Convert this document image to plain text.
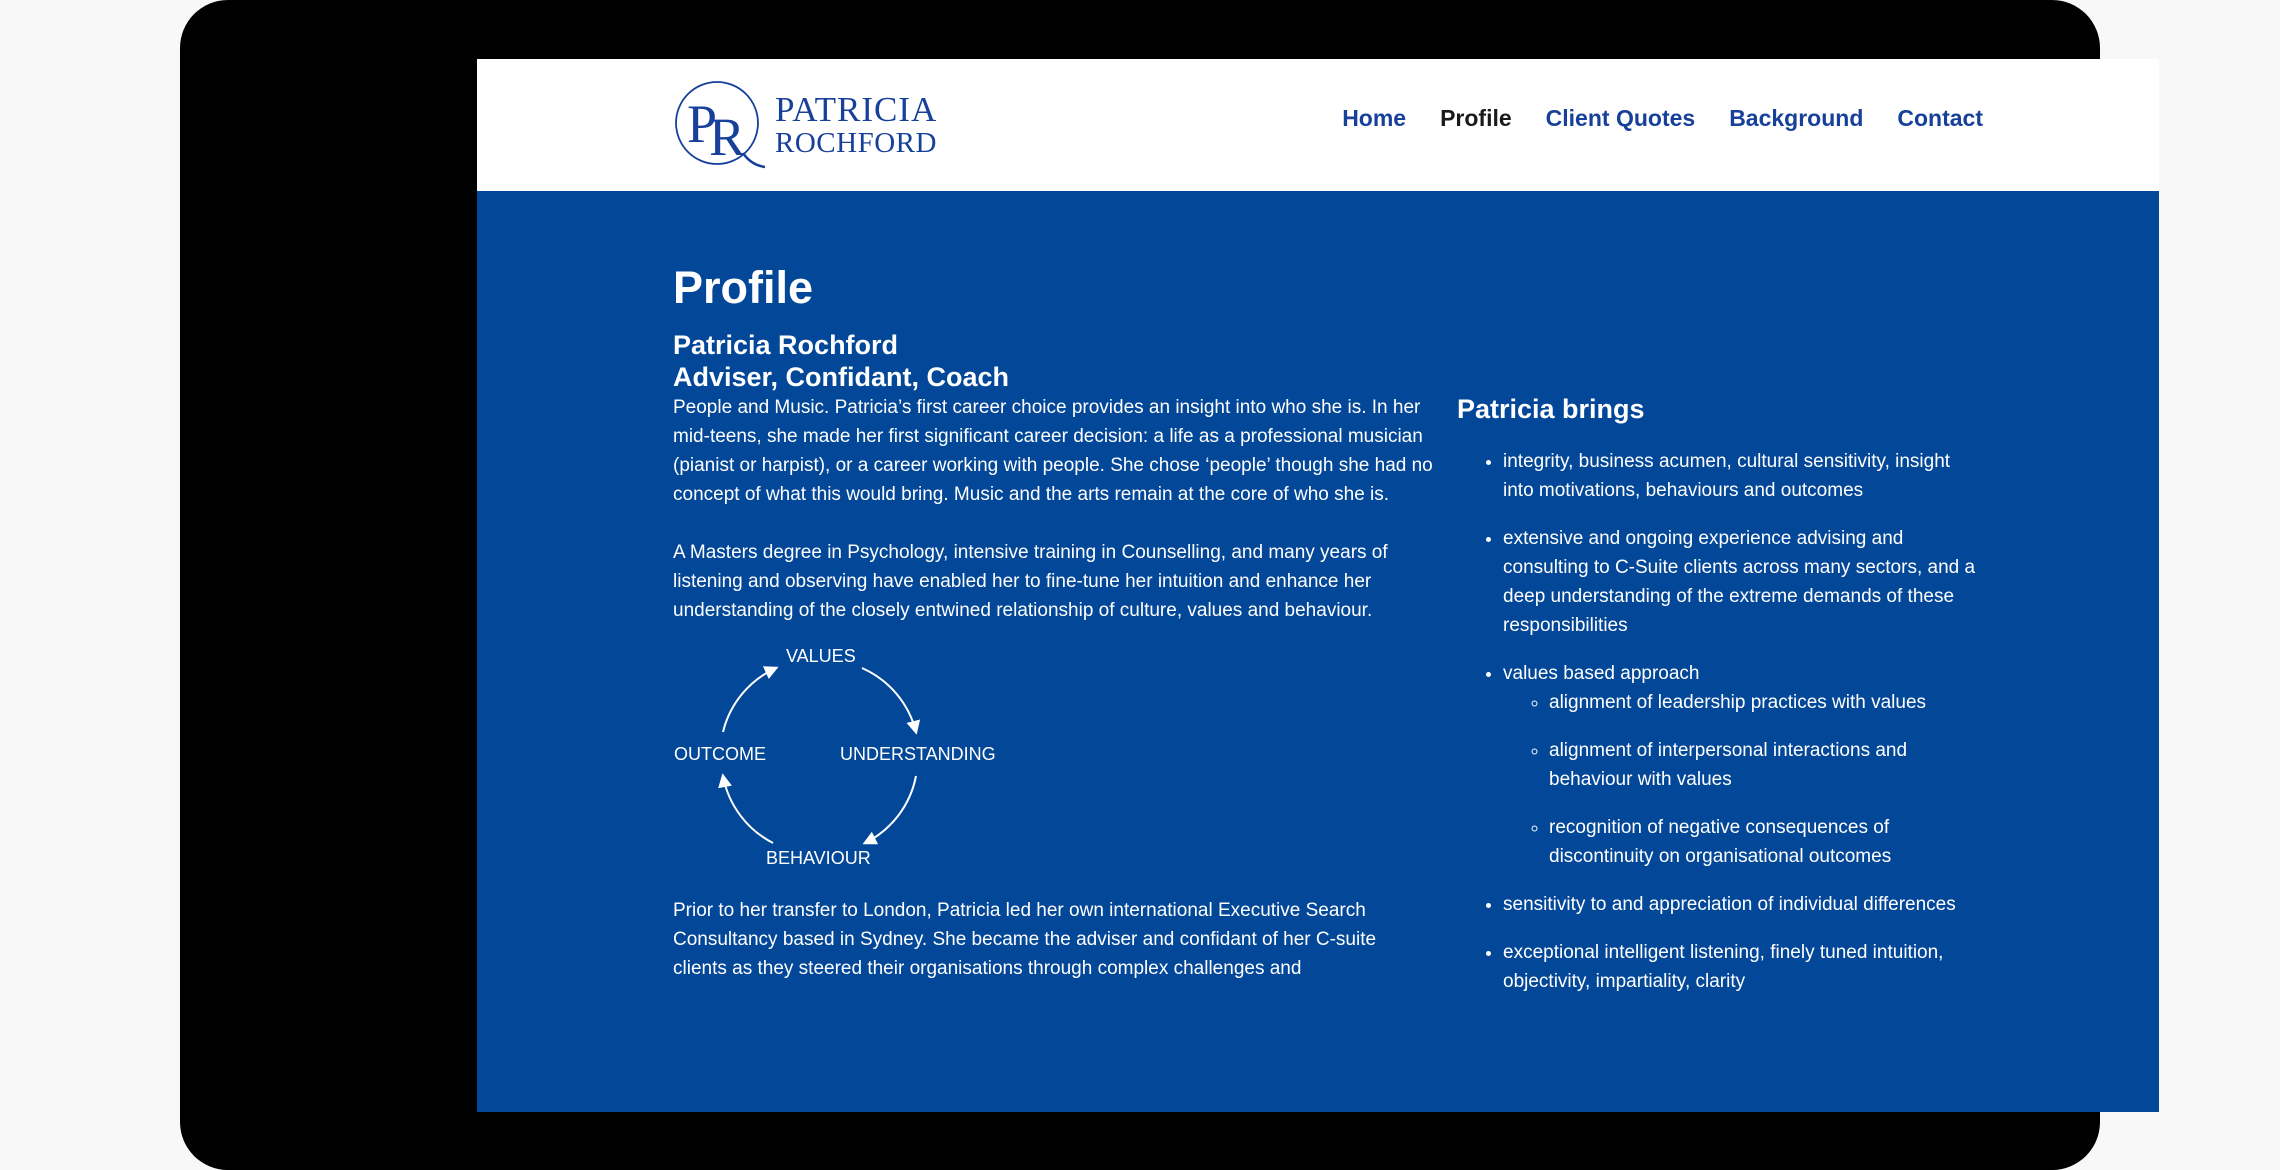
P
R PATRICIA
ROCHFORD
Home Profile Client Quotes Background Contact
Profile
Patricia Rochford
Adviser, Confidant, Coach

People and Music. Patricia’s first career choice provides an insight into who she is. In her mid-teens, she made her first significant career decision: a life as a professional musician (pianist or harpist), or a career working with people. She chose ‘people’ though she had no concept of what this would bring. Music and the arts remain at the core of who she is.

A Masters degree in Psychology, intensive training in Counselling, and many years of listening and observing have enabled her to fine-tune her intuition and enhance her understanding of the closely entwined relationship of culture, values and behaviour.

VALUES
UNDERSTANDING
BEHAVIOUR
OUTCOME

Prior to her transfer to London, Patricia led her own international Executive Search Consultancy based in Sydney. She became the adviser and confidant of her C-suite clients as they steered their organisations through complex challenges and

Patricia brings
• integrity, business acumen, cultural sensitivity, insight into motivations, behaviours and outcomes
• extensive and ongoing experience advising and consulting to C-Suite clients across many sectors, and a deep understanding of the extreme demands of these responsibilities
• values based approach
◦ alignment of leadership practices with values
◦ alignment of interpersonal interactions and behaviour with values
◦ recognition of negative consequences of discontinuity on organisational outcomes
• sensitivity to and appreciation of individual differences
• exceptional intelligent listening, finely tuned intuition, objectivity, impartiality, clarity
